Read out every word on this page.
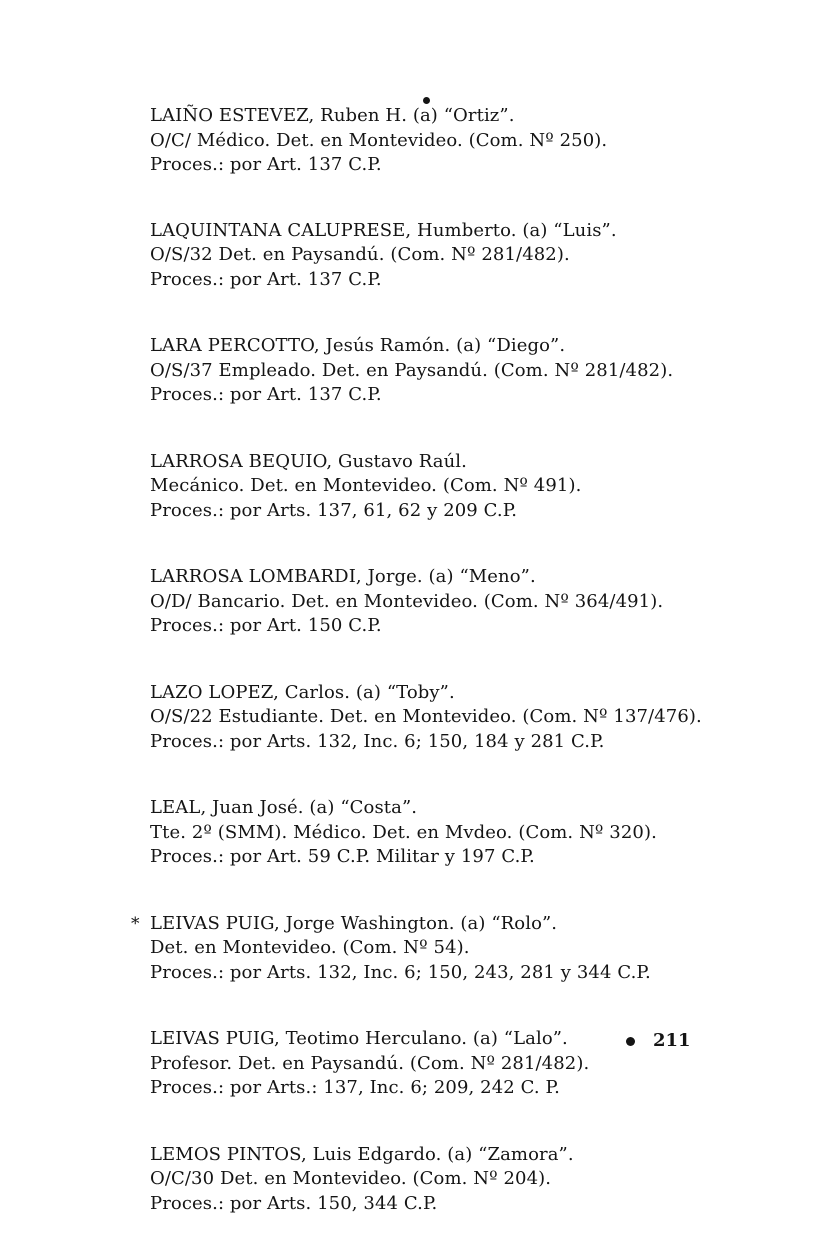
LAIÑO ESTEVEZ, Ruben H. (a) “Ortiz”.
O/C/ Médico. Det. en Montevideo. (Com. Nº 250).
Proces.: por Art. 137 C.P.
LAQUINTANA CALUPRESE, Humberto. (a) “Luis”.
O/S/32 Det. en Paysandú. (Com. Nº 281/482).
Proces.: por Art. 137 C.P.
LARA PERCOTTO, Jesús Ramón. (a) “Diego”.
O/S/37 Empleado. Det. en Paysandú. (Com. Nº 281/482).
Proces.: por Art. 137 C.P.
LARROSA BEQUIO, Gustavo Raúl.
Mecánico. Det. en Montevideo. (Com. Nº 491).
Proces.: por Arts. 137, 61, 62 y 209 C.P.
LARROSA LOMBARDI, Jorge. (a) “Meno”.
O/D/ Bancario. Det. en Montevideo. (Com. Nº 364/491).
Proces.: por Art. 150 C.P.
LAZO LOPEZ, Carlos. (a) “Toby”.
O/S/22 Estudiante. Det. en Montevideo. (Com. Nº 137/476).
Proces.: por Arts. 132, Inc. 6; 150, 184 y 281 C.P.
LEAL, Juan José. (a) “Costa”.
Tte. 2º (SMM). Médico. Det. en Mvdeo. (Com. Nº 320).
Proces.: por Art. 59 C.P. Militar y 197 C.P.
* LEIVAS PUIG, Jorge Washington. (a) “Rolo”.
Det. en Montevideo. (Com. Nº 54).
Proces.: por Arts. 132, Inc. 6; 150, 243, 281 y 344 C.P.
LEIVAS PUIG, Teotimo Herculano. (a) “Lalo”.
Profesor. Det. en Paysandú. (Com. Nº 281/482).
Proces.: por Arts.: 137, Inc. 6; 209, 242 C. P.
LEMOS PINTOS, Luis Edgardo. (a) “Zamora”.
O/C/30 Det. en Montevideo. (Com. Nº 204).
Proces.: por Arts. 150, 344 C.P.
211
